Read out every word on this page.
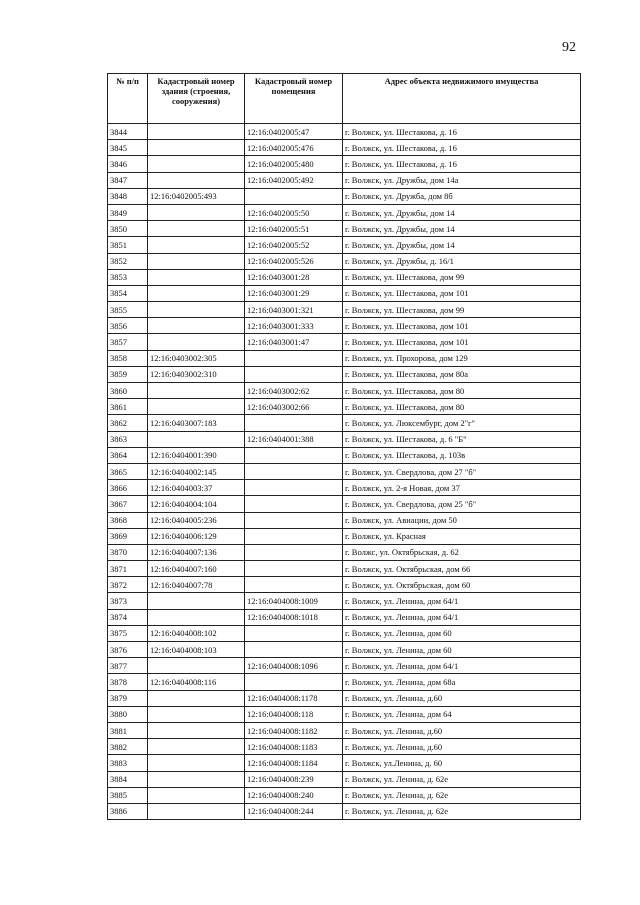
92
№ п/п	Кадастровый номер здания (строения, сооружения)	Кадастровый номер помещения	Адрес объекта недвижимого имущества
3844		12:16:0402005:47	г. Волжск, ул. Шестакова, д. 16
3845		12:16:0402005:476	г. Волжск, ул. Шестакова, д. 16
3846		12:16:0402005:480	г. Волжск, ул. Шестакова, д. 16
3847		12:16:0402005:492	г. Волжск, ул. Дружбы, дом 14а
3848	12:16:0402005:493		г. Волжск, ул. Дружба, дом 8б
3849		12:16:0402005:50	г. Волжск, ул. Дружбы, дом 14
3850		12:16:0402005:51	г. Волжск, ул. Дружбы, дом 14
3851		12:16:0402005:52	г. Волжск, ул. Дружбы, дом 14
3852		12:16:0402005:526	г. Волжск, ул. Дружбы, д. 16/1
3853		12:16:0403001:28	г. Волжск, ул. Шестакова, дом 99
3854		12:16:0403001:29	г. Волжск, ул. Шестакова, дом 101
3855		12:16:0403001:321	г. Волжск, ул. Шестакова, дом 99
3856		12:16:0403001:333	г. Волжск, ул. Шестакова, дом 101
3857		12:16:0403001:47	г. Волжск, ул. Шестакова, дом 101
3858	12:16:0403002:305		г. Волжск, ул. Прохорова, дом 129
3859	12:16:0403002:310		г. Волжск, ул. Шестакова, дом 80а
3860		12:16:0403002:62	г. Волжск, ул. Шестакова, дом 80
3861		12:16:0403002:66	г. Волжск, ул. Шестакова, дом 80
3862	12:16:0403007:183		г. Волжск, ул. Люксембург, дом 2"г"
3863		12:16:0404001:388	г. Волжск, ул. Шестакова, д. 6 "Б"
3864	12:16:0404001:390		г. Волжск, ул. Шестакова, д. 103в
3865	12:16:0404002:145		г. Волжск, ул. Свердлова, дом 27 "б"
3866	12:16:0404003:37		г. Волжск, ул. 2-я Новая, дом 37
3867	12:16:0404004:104		г. Волжск, ул. Свердлова, дом 25 "б"
3868	12:16:0404005:236		г. Волжск, ул. Авиации, дом 50
3869	12:16:0404006:129		г. Волжск, ул. Красная
3870	12:16:0404007:136		г. Волжс, ул. Октябрьская, д. 62
3871	12:16:0404007:160		г. Волжск, ул. Октябрьская, дом 66
3872	12:16:0404007:78		г. Волжск, ул. Октябрьская, дом 60
3873		12:16:0404008:1009	г. Волжск, ул. Ленина, дом 64/1
3874		12:16:0404008:1018	г. Волжск, ул. Ленина, дом 64/1
3875	12:16:0404008:102		г. Волжск, ул. Ленина, дом 60
3876	12:16:0404008:103		г. Волжск, ул. Ленина, дом 60
3877		12:16:0404008:1096	г. Волжск, ул. Ленина, дом 64/1
3878	12:16:0404008:116		г. Волжск, ул. Ленина, дом 68а
3879		12:16:0404008:1178	г. Волжск, ул. Ленина, д.60
3880		12:16:0404008:118	г. Волжск, ул. Ленина, дом 64
3881		12:16:0404008:1182	г. Волжск, ул. Ленина, д.60
3882		12:16:0404008:1183	г. Волжск, ул. Ленина, д.60
3883		12:16:0404008:1184	г. Волжск, ул.Ленина, д. 60
3884		12:16:0404008:239	г. Волжск, ул. Ленина, д. 62е
3885		12:16:0404008:240	г. Волжск, ул. Ленина, д. 62е
3886		12:16:0404008:244	г. Волжск, ул. Ленина, д. 62е
